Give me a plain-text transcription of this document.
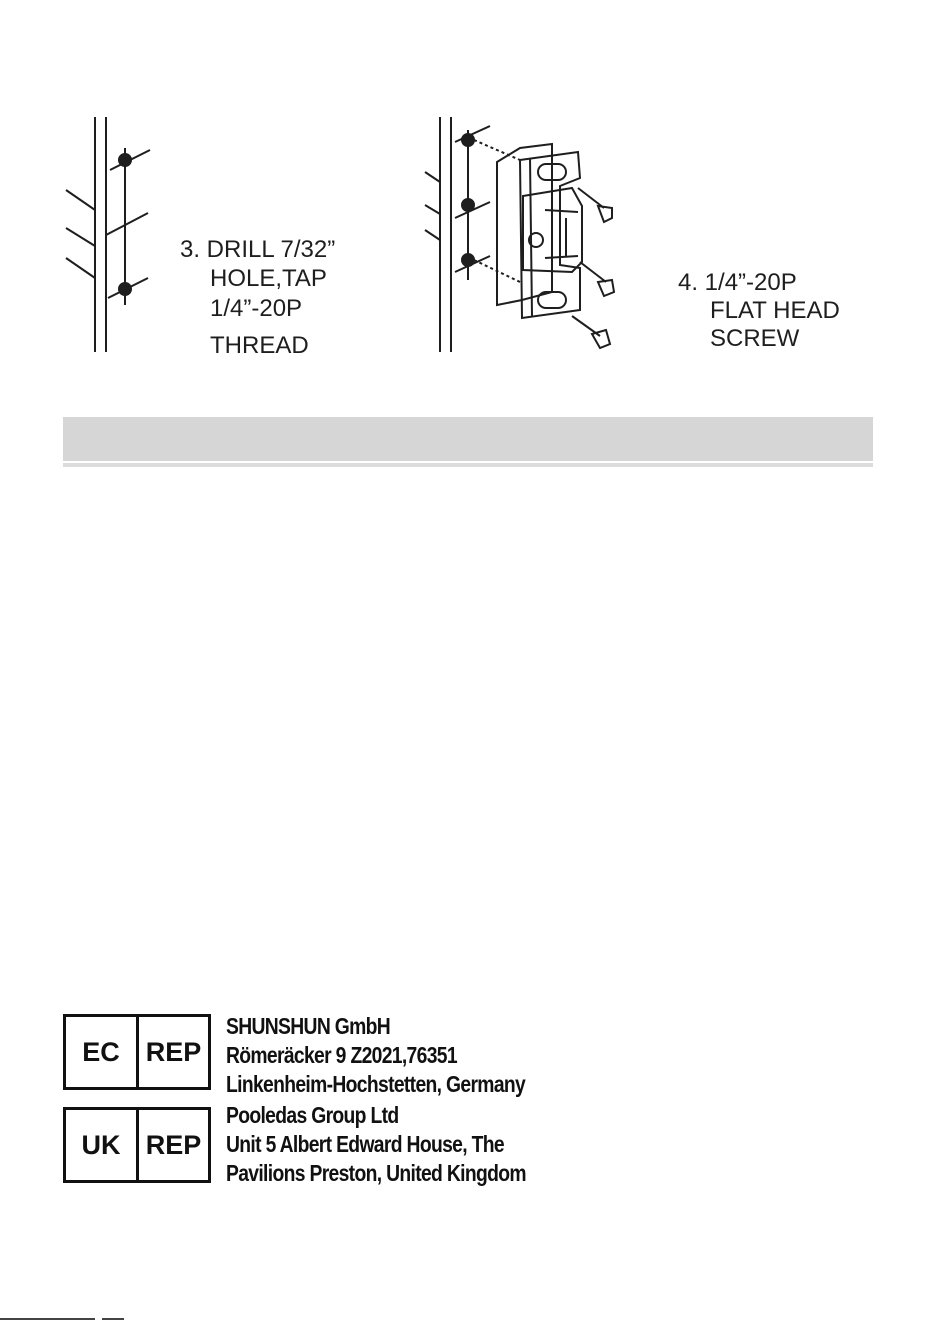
3. DRILL 7/32”
HOLE,TAP
1/4”-20P
THREAD
4. 1/4”-20P
FLAT HEAD
SCREW
EC REP
SHUNSHUN GmbH
Römeräcker 9 Z2021,76351
Linkenheim-Hochstetten, Germany
UK REP
Pooledas Group Ltd
Unit 5 Albert Edward House, The
Pavilions Preston, United Kingdom
